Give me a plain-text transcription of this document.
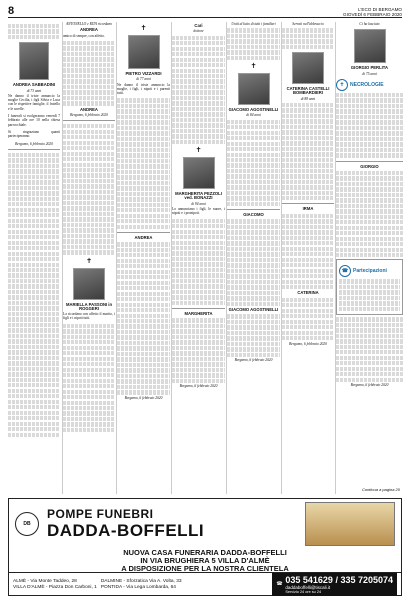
8	L'ECO DI BERGAMO
GIOVEDÌ 6 FEBBRAIO 2020
ANDREA SABBADINI
di 73 anni
Ne danno il triste annuncio la moglie Cecilia, i figli Silvia e Luca con le rispettive famiglie, il fratello e le sorelle.
I funerali si svolgeranno venerdì 7 febbraio alle ore 10 nella chiesa parrocchiale.
Si ringraziano quanti parteciperanno.
Bergamo, 6 febbraio 2020
ANTONELLO e RITA ricordano
ANDREA
amico di sempre, con affetto.
ANDREA
Bergamo, 6 febbraio 2020
✝
MARIELLA PASSONI in ROGGERI
La ricordano con affetto il marito, i figli e i nipoti tutti.
✝
PIETRO VIZZARDI
di 77 anni
Ne danno il triste annuncio la moglie, i figli, i nipoti e i parenti tutti.
ANDREA
Bergamo, 6 febbraio 2020
Cari
dottore
✝
MARGHERITA PEZZOLI ved. BONAZZI
di 94 anni
Lo annunciano i figli, le nuore, i nipoti e i pronipoti.
MARGHERITA
Bergamo, 6 febbraio 2020
Uniti al lutto di tutti i familiari
✝
GIACOMO AGOSTINELLI
di 84 anni
GIACOMO
GIACOMO AGOSTINELLI
Bergamo, 6 febbraio 2020
Serrati nell'abbraccio
CATERINA CASTELLI BOMBARDIERI
di 88 anni
IRMA
CATERINA
Bergamo, 6 febbraio 2020
Ci ha lasciato
GIORGIO PERLITA
di 75 anni
✝	NECROLOGIE
GIORGIO
☎ Partecipazioni
Bergamo, 6 febbraio 2020
Continua a pagina 20
DB
POMPE FUNEBRI
DADDA-BOFFELLI
NUOVA CASA FUNERARIA DADDA-BOFFELLI
IN VIA BRUGHIERA 5 VILLA D'ALMÈ
A DISPOSIZIONE PER LA NOSTRA CLIENTELA
ALMÈ - Via Monte Taddeo, 28
VILLA D'ALMÈ - Piazza Don Carboni, 1
DALMINE - Sforzatica Via A. Volta, 33
PONTIDA - Via Lega Lombarda, 64
☎ 035 541629 / 335 7205074
daddaboffelli@tiscali.it
Servizio 24 ore su 24
